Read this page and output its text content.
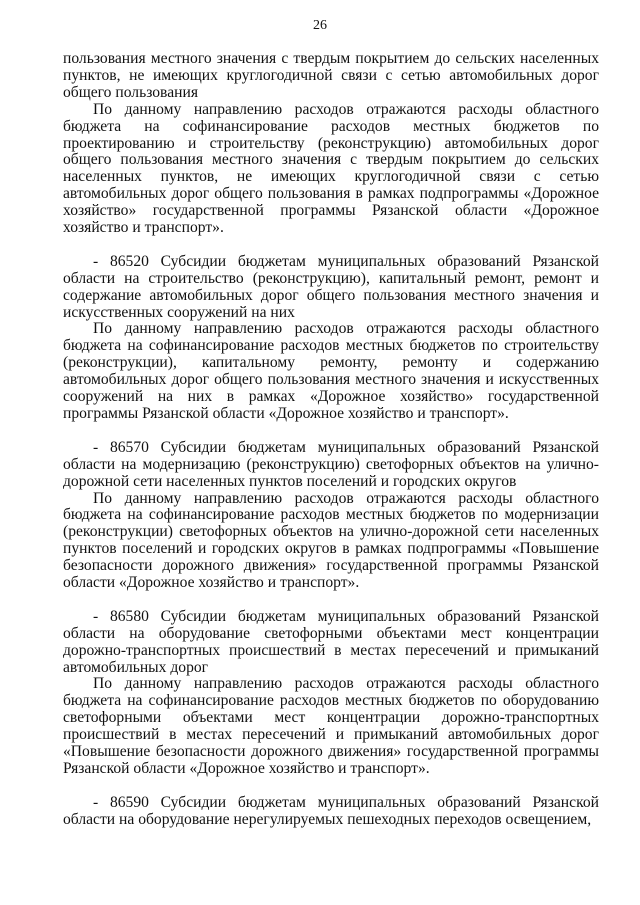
26

пользования местного значения с твердым покрытием до сельских населенных пунктов, не имеющих круглогодичной связи с сетью автомобильных дорог общего пользования

По данному направлению расходов отражаются расходы областного бюджета на софинансирование расходов местных бюджетов по проектированию и строительству (реконструкцию) автомобильных дорог общего пользования местного значения с твердым покрытием до сельских населенных пунктов, не имеющих круглогодичной связи с сетью автомобильных дорог общего пользования в рамках подпрограммы «Дорожное хозяйство» государственной программы Рязанской области «Дорожное хозяйство и транспорт».

- 86520 Субсидии бюджетам муниципальных образований Рязанской области на строительство (реконструкцию), капитальный ремонт, ремонт и содержание автомобильных дорог общего пользования местного значения и искусственных сооружений на них

По данному направлению расходов отражаются расходы областного бюджета на софинансирование расходов местных бюджетов по строительству (реконструкции), капитальному ремонту, ремонту и содержанию автомобильных дорог общего пользования местного значения и искусственных сооружений на них в рамках «Дорожное хозяйство» государственной программы Рязанской области «Дорожное хозяйство и транспорт».

- 86570 Субсидии бюджетам муниципальных образований Рязанской области на модернизацию (реконструкцию) светофорных объектов на улично-дорожной сети населенных пунктов поселений и городских округов

По данному направлению расходов отражаются расходы областного бюджета на софинансирование расходов местных бюджетов по модернизации (реконструкции) светофорных объектов на улично-дорожной сети населенных пунктов поселений и городских округов в рамках подпрограммы «Повышение безопасности дорожного движения» государственной программы Рязанской области «Дорожное хозяйство и транспорт».

- 86580 Субсидии бюджетам муниципальных образований Рязанской области на оборудование светофорными объектами мест концентрации дорожно-транспортных происшествий в местах пересечений и примыканий автомобильных дорог

По данному направлению расходов отражаются расходы областного бюджета на софинансирование расходов местных бюджетов по оборудованию светофорными объектами мест концентрации дорожно-транспортных происшествий в местах пересечений и примыканий автомобильных дорог «Повышение безопасности дорожного движения» государственной программы Рязанской области «Дорожное хозяйство и транспорт».

- 86590 Субсидии бюджетам муниципальных образований Рязанской области на оборудование нерегулируемых пешеходных переходов освещением,
